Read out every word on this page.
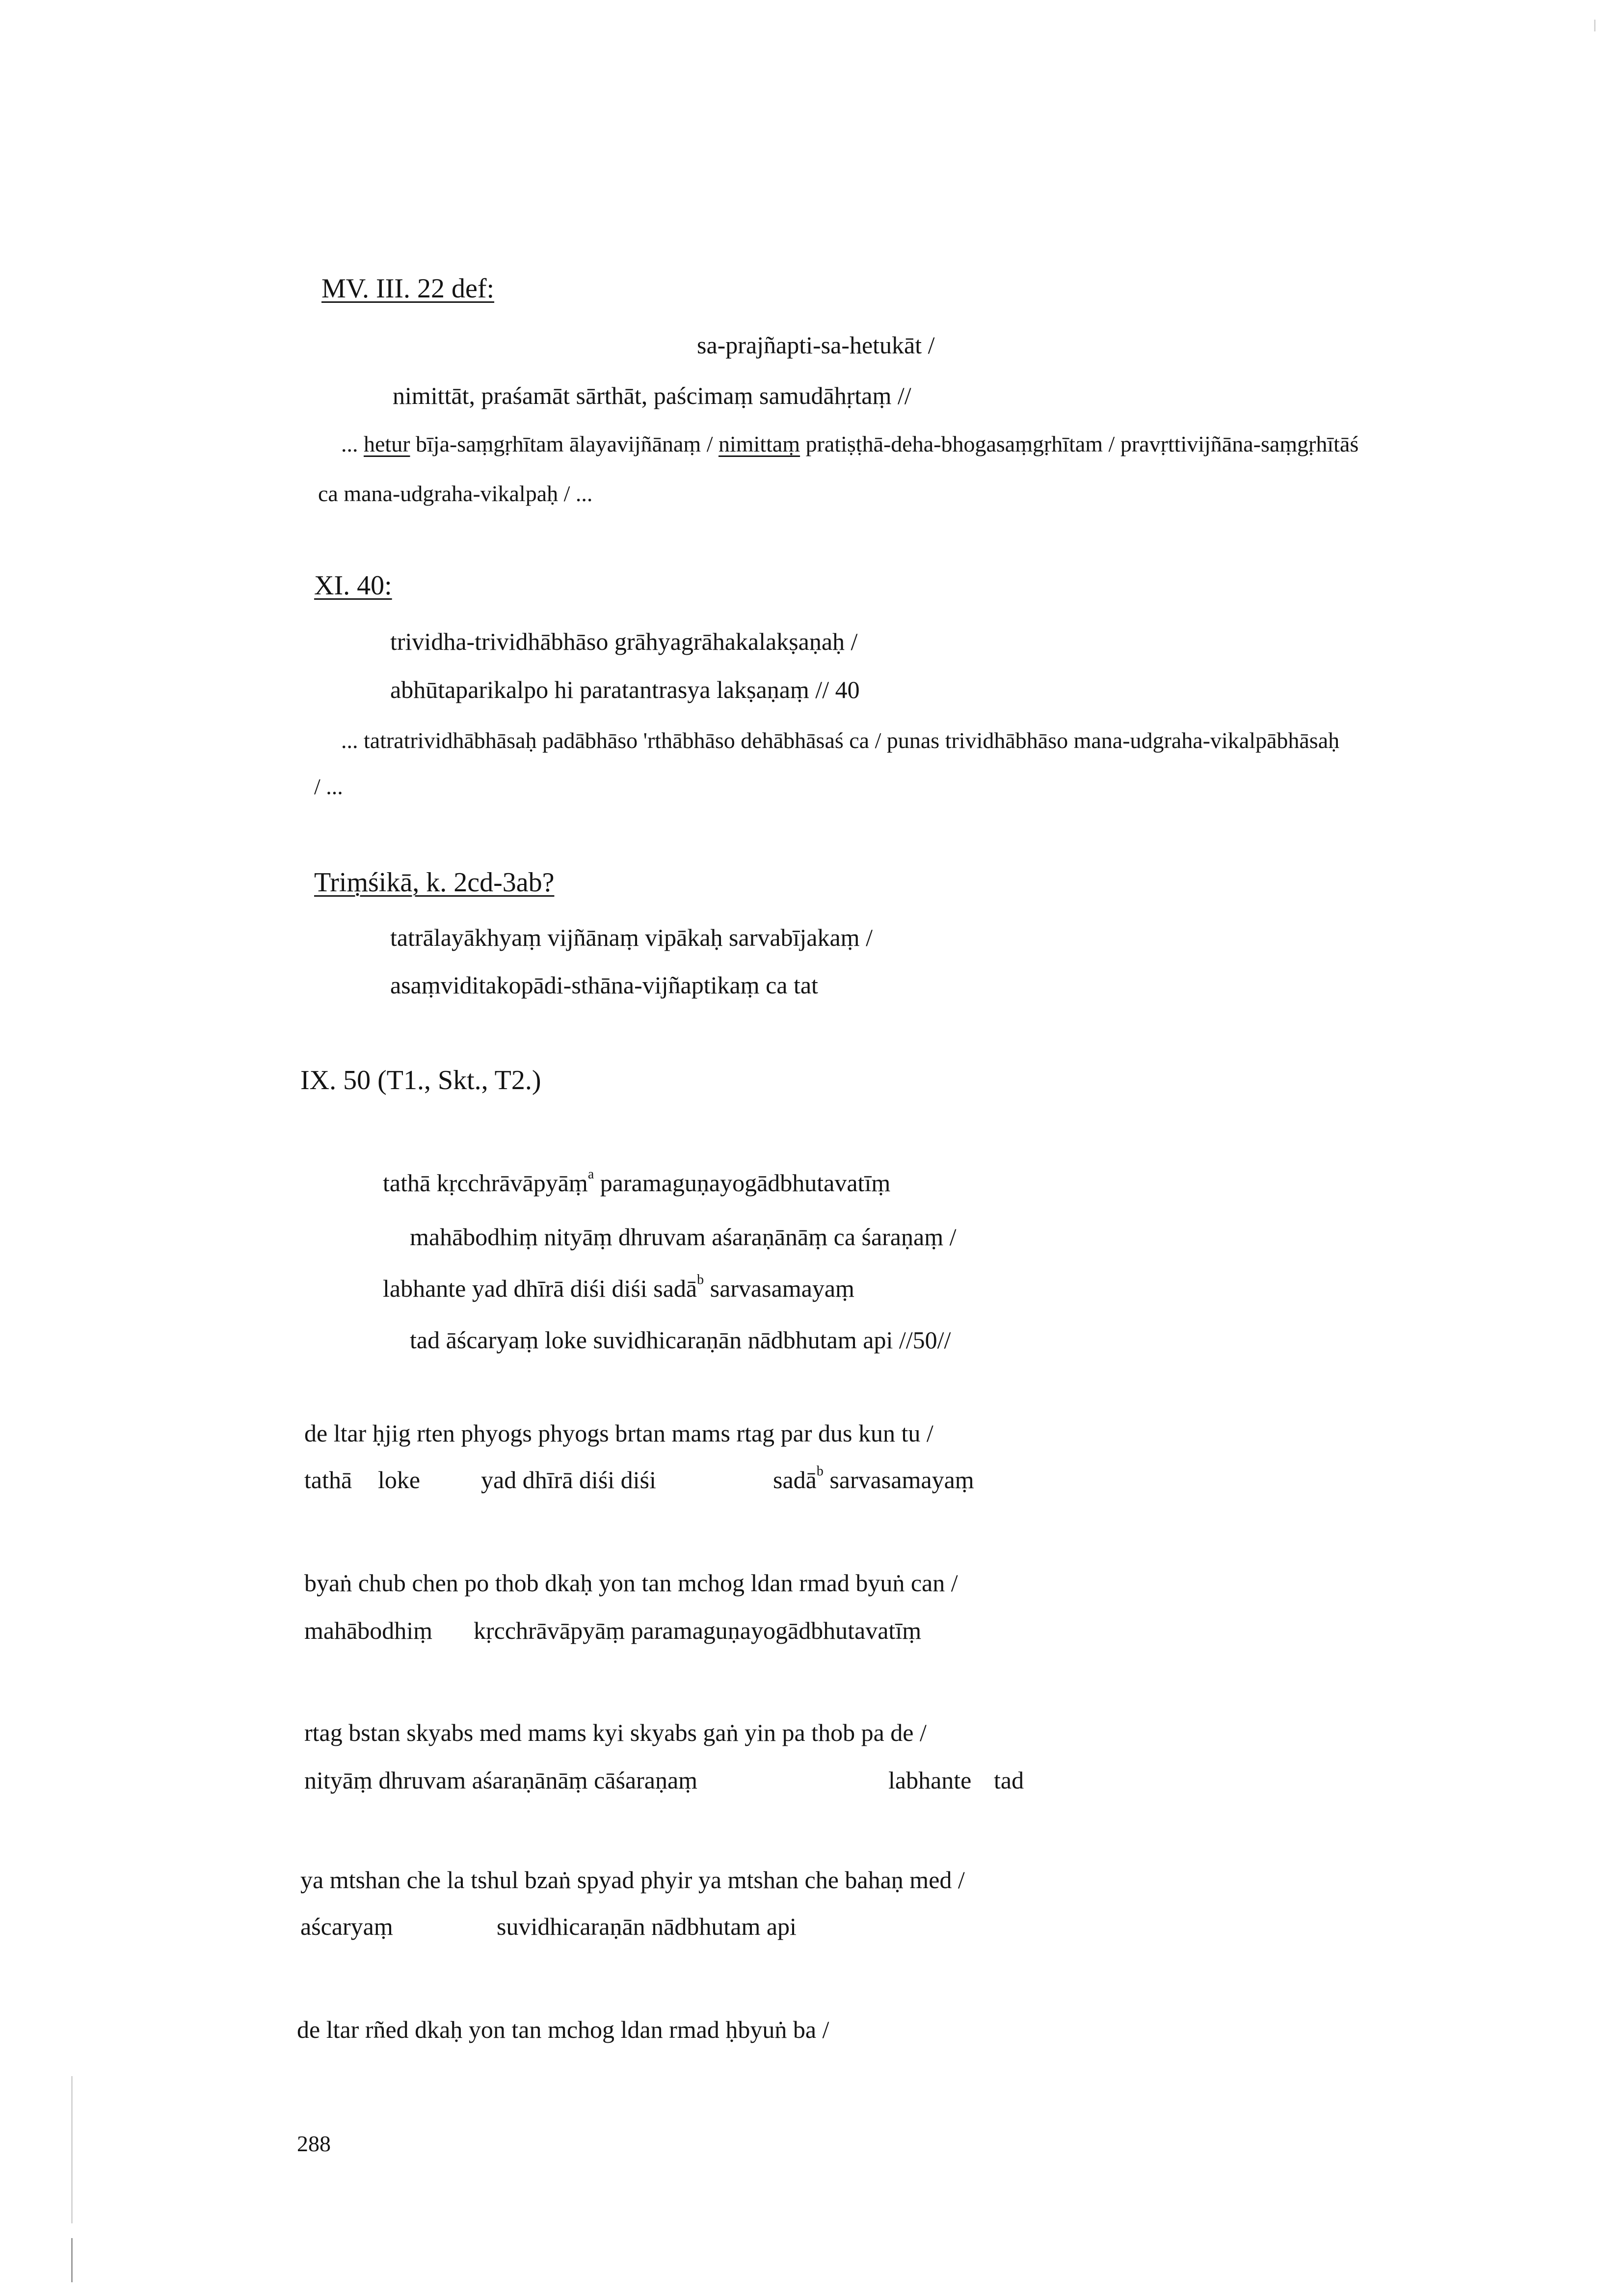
MV. III. 22 def:
sa-prajñapti-sa-hetukāt /
nimittāt, praśamāt sārthāt, paścimaṃ samudāhṛtaṃ //
... hetur bīja-saṃgṛhītam ālayavijñānaṃ / nimittaṃ pratiṣṭhā-deha-bhogasaṃgṛhītam / pravṛttivijñāna-saṃgṛhītāś
ca mana-udgraha-vikalpaḥ / ...
XI. 40:
trividha-trividhābhāso grāhyagrāhakalakṣaṇaḥ /
abhūtaparikalpo hi paratantrasya lakṣaṇaṃ // 40
... tatratrividhābhāsaḥ padābhāso 'rthābhāso dehābhāsaś ca / punas trividhābhāso mana-udgraha-vikalpābhāsaḥ
/ ...
Triṃśikā, k. 2cd-3ab?
tatrālayākhyaṃ vijñānaṃ vipākaḥ sarvabījakaṃ /
asaṃviditakopādi-sthāna-vijñaptikaṃ ca tat
IX. 50 (T1., Skt., T2.)
tathā kṛcchrāvāpyāṃ$^a$ paramaguṇayogādbhutavatīṃ
mahābodhiṃ nityāṃ dhruvam aśaraṇānāṃ ca śaraṇaṃ /
labhante yad dhīrā diśi diśi sadā$^b$ sarvasamayaṃ
tad āścaryaṃ loke suvidhicaraṇān nādbhutam api //50//
de ltar ḥjig rten phyogs phyogs brtan mams rtag par dus kun tu /
tathā loke yad dhīrā diśi diśi	sadā$^b$ sarvasamayaṃ
byaṅ chub chen po thob dkaḥ yon tan mchog ldan rmad byuṅ can /
mahābodhiṃ kṛcchrāvāpyāṃ paramaguṇayogādbhutavatīṃ
rtag bstan skyabs med mams kyi skyabs gaṅ yin pa thob pa de /
nityāṃ dhruvam aśaraṇānāṃ cāśaraṇaṃ	labhante tad
ya mtshan che la tshul bzaṅ spyad phyir ya mtshan che bahaṇ med /
aścaryaṃ	suvidhicaraṇān nādbhutam api
de ltar rñed dkaḥ yon tan mchog ldan rmad ḥbyuṅ ba /
288
